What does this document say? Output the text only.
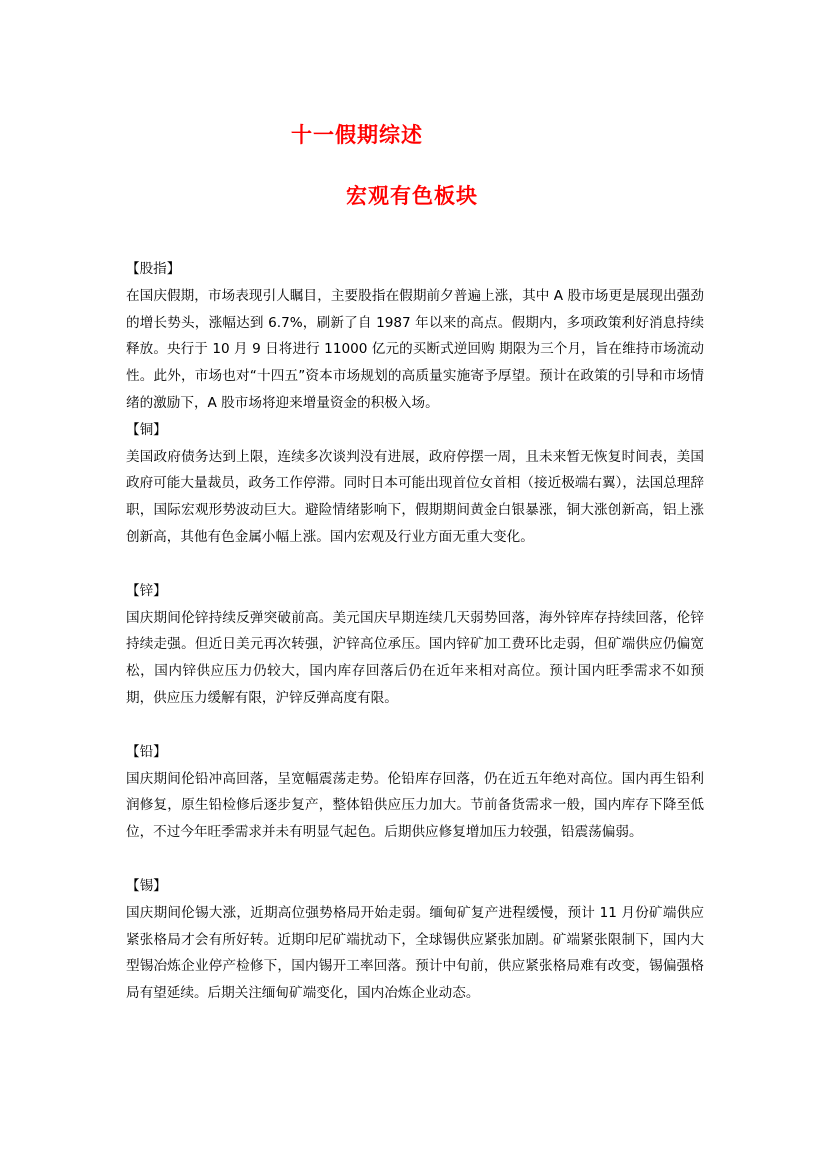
十一假期综述
宏观有色板块
【股指】

在国庆假期，市场表现引人瞩目，主要股指在假期前夕普遍上涨，其中 A 股市场更是展现出强劲的增长势头，涨幅达到 6.7%，刷新了自 1987 年以来的高点。假期内，多项政策利好消息持续释放。央行于 10 月 9 日将进行 11000 亿元的买断式逆回购 期限为三个月，旨在维持市场流动性。此外，市场也对“十四五”资本市场规划的高质量实施寄予厚望。预计在政策的引导和市场情绪的激励下，A 股市场将迎来增量资金的积极入场。

【铜】

美国政府债务达到上限，连续多次谈判没有进展，政府停摆一周，且未来暂无恢复时间表，美国政府可能大量裁员，政务工作停滞。同时日本可能出现首位女首相（接近极端右翼），法国总理辞职，国际宏观形势波动巨大。避险情绪影响下，假期期间黄金白银暴涨，铜大涨创新高，铝上涨创新高，其他有色金属小幅上涨。国内宏观及行业方面无重大变化。

【锌】

国庆期间伦锌持续反弹突破前高。美元国庆早期连续几天弱势回落，海外锌库存持续回落，伦锌持续走强。但近日美元再次转强，沪锌高位承压。国内锌矿加工费环比走弱，但矿端供应仍偏宽松，国内锌供应压力仍较大，国内库存回落后仍在近年来相对高位。预计国内旺季需求不如预期，供应压力缓解有限，沪锌反弹高度有限。

【铅】

国庆期间伦铅冲高回落，呈宽幅震荡走势。伦铅库存回落，仍在近五年绝对高位。国内再生铅利润修复，原生铅检修后逐步复产，整体铅供应压力加大。节前备货需求一般，国内库存下降至低位，不过今年旺季需求并未有明显气起色。后期供应修复增加压力较强，铅震荡偏弱。

【锡】

国庆期间伦锡大涨，近期高位强势格局开始走弱。缅甸矿复产进程缓慢，预计 11 月份矿端供应紧张格局才会有所好转。近期印尼矿端扰动下，全球锡供应紧张加剧。矿端紧张限制下，国内大型锡冶炼企业停产检修下，国内锡开工率回落。预计中旬前，供应紧张格局难有改变，锡偏强格局有望延续。后期关注缅甸矿端变化，国内冶炼企业动态。
